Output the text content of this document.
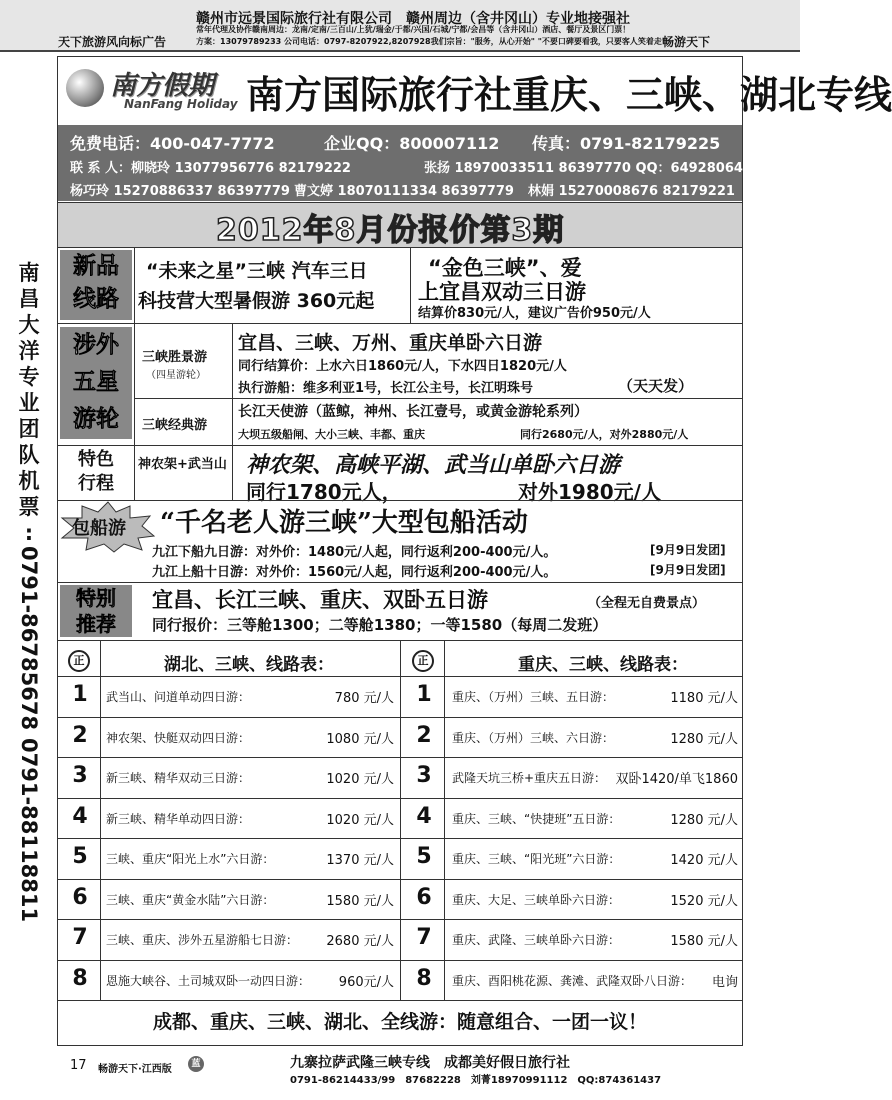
天下旅游风向标广告
赣州市远景国际旅行社有限公司　赣州周边（含井冈山）专业地接强社
常年代理及协作赣南周边：龙南/定南/三百山/上犹/瑞金/于都/兴国/石城/宁都/会昌等（含井冈山）酒店、餐厅及景区门票！
方案：13079789233 公司电话：0797-8207922,8207928我们宗旨："服务，从心开始" "不要口碑要看我，只要客人笑着走"
畅游天下
南
昌
大
洋
专
业
团
队
机
票
:
0791-86785678
0791-88118811
南方假期
NanFang Holiday 南方国际旅行社重庆、三峡、湖北专线
免费电话：400-047-7772	企业QQ：800007112 传真：0791-82179225
联 系 人：柳晓玲 13077956776 82179222	张扬 18970033511 86397770 QQ：649280648
杨巧玲 15270886337 86397779 曹文婷 18070111334 86397779 林娟 15270008676 82179221
2012年8月份报价第3期
新品
线路
“未来之星”三峡 汽车三日
科技营大型暑假游 360元起
“金色三峡”、爱
上宜昌双动三日游
结算价830元/人，建议广告价950元/人
涉外
五星
游轮
三峡胜景游
（四星游轮）
宜昌、三峡、万州、重庆单卧六日游
同行结算价：上水六日1860元/人，下水四日1820元/人
执行游船：维多利亚1号，长江公主号，长江明珠号	（天天发）
三峡经典游
长江天使游（蓝鲸，神州、长江壹号，或黄金游轮系列）
大坝五级船闸、大小三峡、丰都、重庆	同行2680元/人，对外2880元/人
特色
行程
神农架+武当山 神农架、高峡平湖、武当山单卧六日游
同行1780元人，	对外1980元/人
包船游 “千名老人游三峡”大型包船活动
九江下船九日游：对外价：1480元/人起，同行返利200-400元/人。	[9月9日发团]
九江上船十日游：对外价：1560元/人起，同行返利200-400元/人。	[9月9日发团]
特别
推荐
宜昌、长江三峡、重庆、双卧五日游	（全程无自费景点）
同行报价：三等舱1300；二等舱1380；一等1580（每周二发班）
正	湖北、三峡、线路表：	正	重庆、三峡、线路表：
1	武当山、问道单动四日游：	780 元/人	1	重庆、（万州）三峡、五日游：	1180 元/人
2	神农架、快艇双动四日游：	1080 元/人	2	重庆、（万州）三峡、六日游：	1280 元/人
3	新三峡、精华双动三日游：	1020 元/人	3	武隆天坑三桥+重庆五日游： 双卧1420/单飞1860
4	新三峡、精华单动四日游：	1020 元/人	4	重庆、三峡、“快捷班”五日游：	1280 元/人
5	三峡、重庆“阳光上水”六日游：	1370 元/人	5	重庆、三峡、“阳光班”六日游：	1420 元/人
6	三峡、重庆“黄金水陆”六日游：	1580 元/人	6	重庆、大足、三峡单卧六日游：	1520 元/人
7	三峡、重庆、涉外五星游船七日游：	2680 元/人	7	重庆、武隆、三峡单卧六日游：	1580 元/人
8	恩施大峡谷、土司城双卧一动四日游：	960元/人	8	重庆、酉阳桃花源、龚滩、武隆双卧八日游：	电询
成都、重庆、三峡、湖北、全线游：随意组合、一团一议！
17 畅游天下·江西版	蓝	九寨拉萨武隆三峡专线　成都美好假日旅行社
0791-86214433/99　87682228　刘菁18970991112　QQ:874361437
